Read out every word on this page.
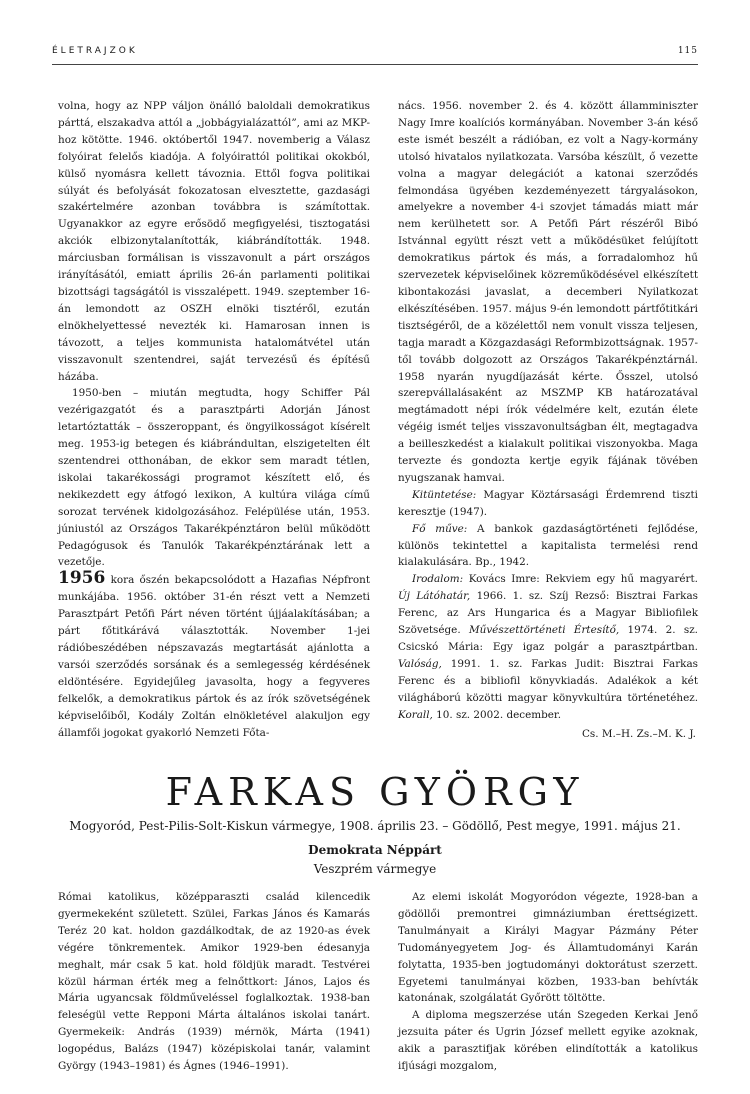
ÉLETRAJZOK	115

volna, hogy az NPP váljon önálló baloldali demokratikus párttá, elszakadva attól a „jobbágyialázattól”, ami az MKP-hoz kötötte. 1946. októbertől 1947. novemberig a Válasz folyóirat felelős kiadója. A folyóirattól politikai okokból, külső nyomásra kellett távoznia. Ettől fogva politikai súlyát és befolyását fokozatosan elvesztette, gazdasági szakértelmére azonban továbbra is számítottak. Ugyanakkor az egyre erősödő megfigyelési, tisztogatási akciók elbizonytalanították, kiábrándították. 1948. márciusban formálisan is visszavonult a párt országos irányításától, emiatt április 26-án parlamenti politikai bizottsági tagságától is visszalépett. 1949. szeptember 16-án lemondott az OSZH elnöki tisztéről, ezután elnökhelyettessé nevezték ki. Hamarosan innen is távozott, a teljes kommunista hatalomátvétel után visszavonult szentendrei, saját tervezésű és építésű házába.

1950-ben – miután megtudta, hogy Schiffer Pál vezérigazgatót és a parasztpárti Adorján Jánost letartóztatták – összeroppant, és öngyilkosságot kísérelt meg. 1953-ig betegen és kiábrándultan, elszigetelten élt szentendrei otthonában, de ekkor sem maradt tétlen, iskolai takarékossági programot készített elő, és nekikezdett egy átfogó lexikon, A kultúra világa című sorozat tervének kidolgozásához. Felépülése után, 1953. júniustól az Országos Takarékpénztáron belül működött Pedagógusok és Tanulók Takarékpénztárának lett a vezetője.

1956 kora őszén bekapcsolódott a Hazafias Népfront munkájába. 1956. október 31-én részt vett a Nemzeti Parasztpárt Petőfi Párt néven történt újjáalakításában; a párt főtitkárává választották. November 1-jei rádióbeszédében népszavazás megtartását ajánlotta a varsói szerződés sorsának és a semlegesség kérdésének eldöntésére. Egyidejűleg javasolta, hogy a fegyveres felkelők, a demokratikus pártok és az írók szövetségének képviselőiből, Kodály Zoltán elnökletével alakuljon egy államfői jogokat gyakorló Nemzeti Főta-

nács. 1956. november 2. és 4. között államminiszter Nagy Imre koalíciós kormányában. November 3-án késő este ismét beszélt a rádióban, ez volt a Nagy-kormány utolsó hivatalos nyilatkozata. Varsóba készült, ő vezette volna a magyar delegációt a katonai szerződés felmondása ügyében kezdeményezett tárgyalásokon, amelyekre a november 4-i szovjet támadás miatt már nem kerülhetett sor. A Petőfi Párt részéről Bibó Istvánnal együtt részt vett a működésüket felújított demokratikus pártok és más, a forradalomhoz hű szervezetek képviselőinek közreműködésével elkészített kibontakozási javaslat, a decemberi Nyilatkozat elkészítésében. 1957. május 9-én lemondott pártfőtitkári tisztségéről, de a közélettől nem vonult vissza teljesen, tagja maradt a Közgazdasági Reformbizottságnak. 1957-től tovább dolgozott az Országos Takarékpénztárnál. 1958 nyarán nyugdíjazását kérte. Ősszel, utolsó szerepvállalásaként az MSZMP KB határozatával megtámadott népi írók védelmére kelt, ezután élete végéig ismét teljes visszavonultságban élt, megtagadva a beilleszkedést a kialakult politikai viszonyokba. Maga tervezte és gondozta kertje egyik fájának tövében nyugszanak hamvai.

Kitüntetése: Magyar Köztársasági Érdemrend tiszti keresztje (1947).

Fő műve: A bankok gazdaságtörténeti fejlődése, különös tekintettel a kapitalista termelési rend kialakulására. Bp., 1942.

Irodalom: Kovács Imre: Rekviem egy hű magyarért. Új Látóhatár, 1966. 1. sz. Szíj Rezső: Bisztrai Farkas Ferenc, az Ars Hungarica és a Magyar Bibliofilek Szövetsége. Művészettörténeti Értesítő, 1974. 2. sz. Csicskó Mária: Egy igaz polgár a parasztpártban. Valóság, 1991. 1. sz. Farkas Judit: Bisztrai Farkas Ferenc és a bibliofil könyvkiadás. Adalékok a két világháború közötti magyar könyvkultúra történetéhez. Korall, 10. sz. 2002. december.

Cs. M.–H. Zs.–M. K. J.

FARKAS GYÖRGY
Mogyoród, Pest-Pilis-Solt-Kiskun vármegye, 1908. április 23. – Gödöllő, Pest megye, 1991. május 21.
Demokrata Néppárt
Veszprém vármegye

Római katolikus, középparaszti család kilencedik gyermekeként született. Szülei, Farkas János és Kamarás Teréz 20 kat. holdon gazdálkodtak, de az 1920-as évek végére tönkrementek. Amikor 1929-ben édesanyja meghalt, már csak 5 kat. hold földjük maradt. Testvérei közül hárman érték meg a felnőttkort: János, Lajos és Mária ugyancsak földműveléssel foglalkoztak. 1938-ban feleségül vette Repponi Márta általános iskolai tanárt. Gyermekeik: András (1939) mérnök, Márta (1941) logopédus, Balázs (1947) középiskolai tanár, valamint György (1943–1981) és Ágnes (1946–1991).

Az elemi iskolát Mogyoródon végezte, 1928-ban a gödöllői premontrei gimnáziumban érettségizett. Tanulmányait a Királyi Magyar Pázmány Péter Tudományegyetem Jog- és Államtudományi Karán folytatta, 1935-ben jogtudományi doktorátust szerzett. Egyetemi tanulmányai közben, 1933-ban behívták katonának, szolgálatát Győrött töltötte.

A diploma megszerzése után Szegeden Kerkai Jenő jezsuita páter és Ugrin József mellett egyike azoknak, akik a parasztifjak körében elindították a katolikus ifjúsági mozgalom,
